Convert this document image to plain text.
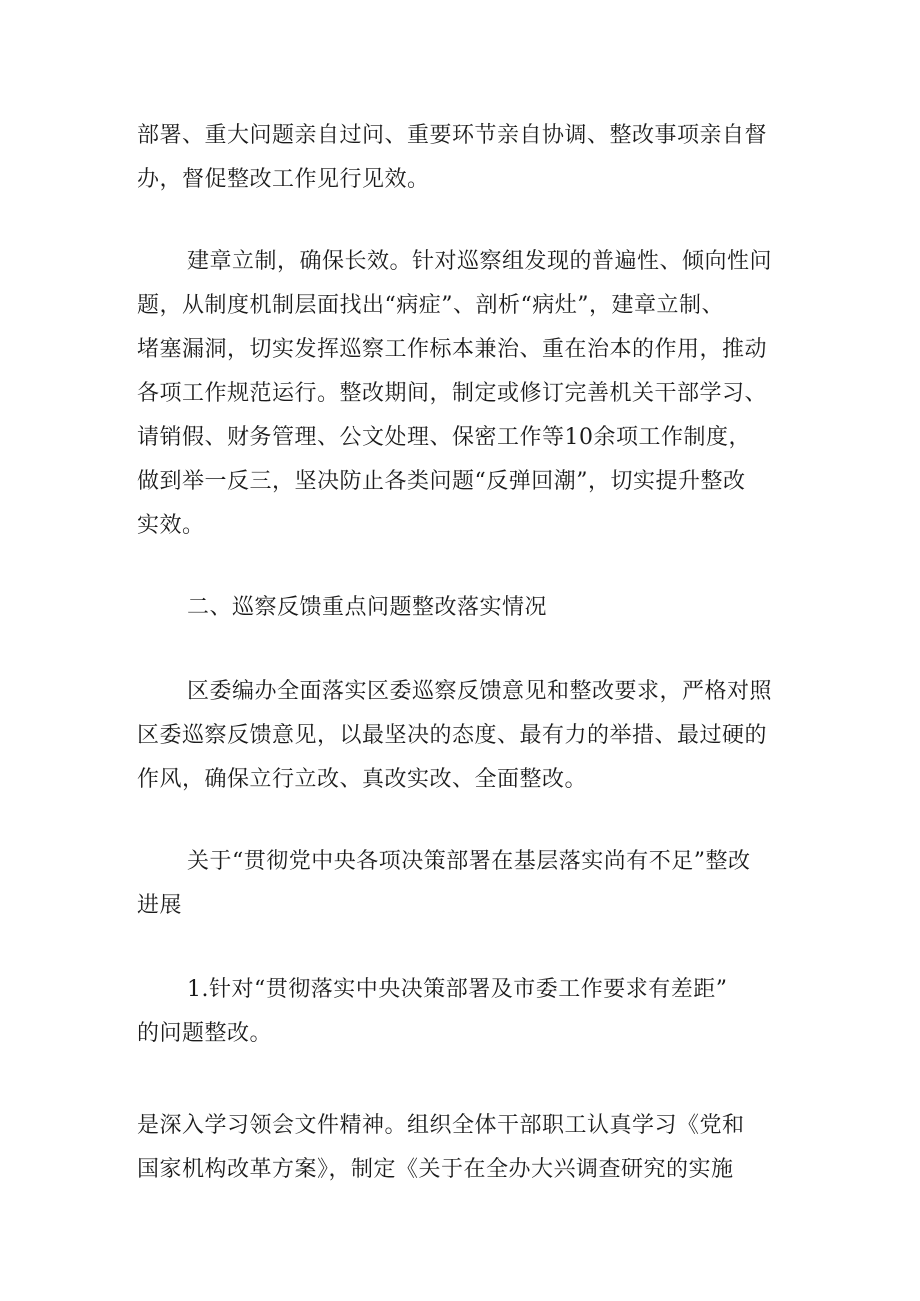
部署、重大问题亲自过问、重要环节亲自协调、整改事项亲自督
办，督促整改工作见行见效。
建章立制，确保长效。针对巡察组发现的普遍性、倾向性问
题，从制度机制层面找出“病症”、剖析“病灶”，建章立制、
堵塞漏洞，切实发挥巡察工作标本兼治、重在治本的作用，推动
各项工作规范运行。整改期间，制定或修订完善机关干部学习、
请销假、财务管理、公文处理、保密工作等10余项工作制度，
做到举一反三，坚决防止各类问题“反弹回潮”，切实提升整改
实效。
二、巡察反馈重点问题整改落实情况
区委编办全面落实区委巡察反馈意见和整改要求，严格对照
区委巡察反馈意见，以最坚决的态度、最有力的举措、最过硬的
作风，确保立行立改、真改实改、全面整改。
关于“贯彻党中央各项决策部署在基层落实尚有不足”整改
进展
1.针对“贯彻落实中央决策部署及市委工作要求有差距”
的问题整改。
是深入学习领会文件精神。组织全体干部职工认真学习《党和
国家机构改革方案》，制定《关于在全办大兴调查研究的实施
